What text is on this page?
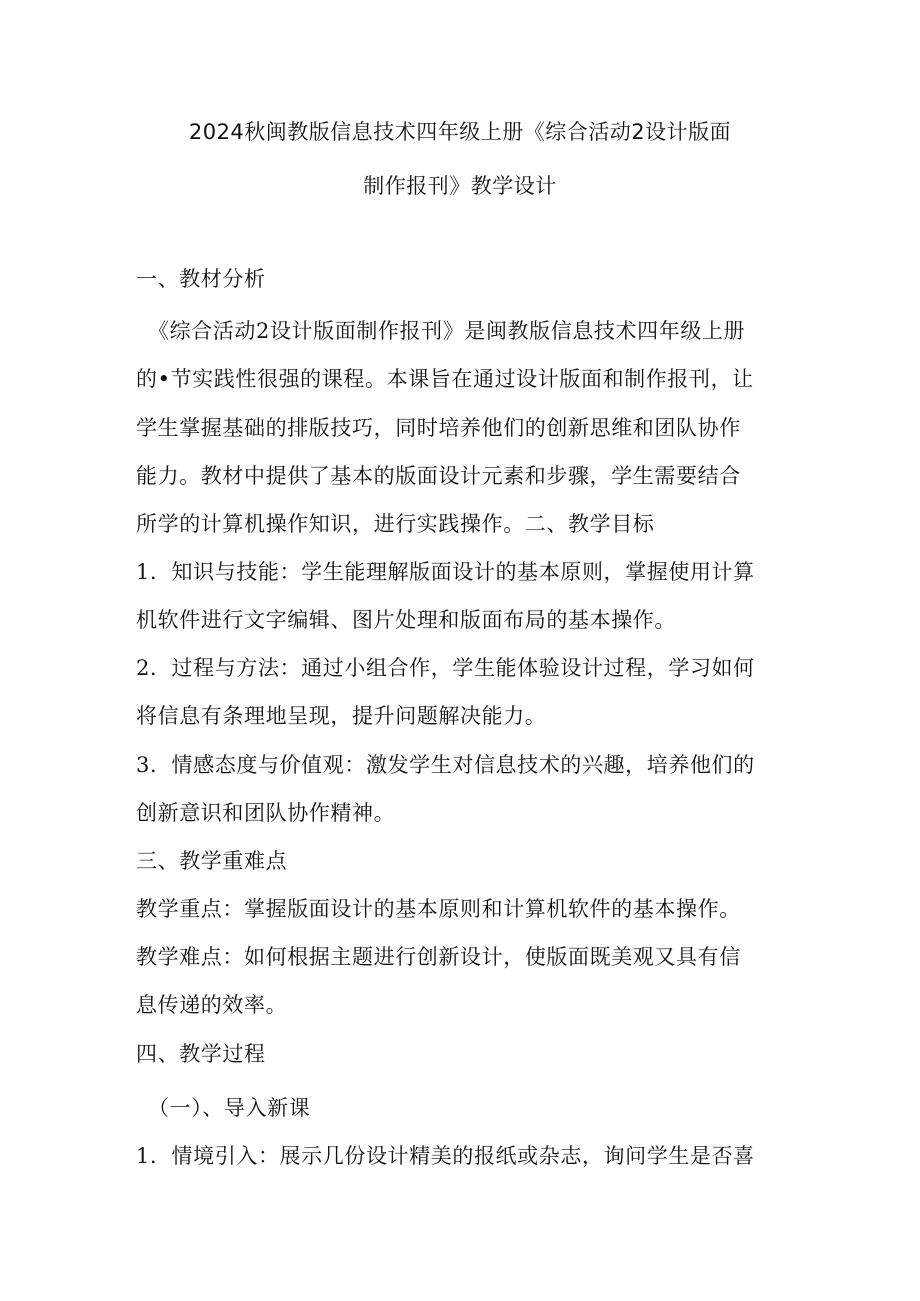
2024秋闽教版信息技术四年级上册《综合活动2设计版面
制作报刊》教学设计
一、教材分析
《综合活动2设计版面制作报刊》是闽教版信息技术四年级上册
的•节实践性很强的课程。本课旨在通过设计版面和制作报刊，让
学生掌握基础的排版技巧，同时培养他们的创新思维和团队协作
能力。教材中提供了基本的版面设计元素和步骤，学生需要结合
所学的计算机操作知识，进行实践操作。二、教学目标
1．知识与技能：学生能理解版面设计的基本原则，掌握使用计算
机软件进行文字编辑、图片处理和版面布局的基本操作。
2．过程与方法：通过小组合作，学生能体验设计过程，学习如何
将信息有条理地呈现，提升问题解决能力。
3．情感态度与价值观：激发学生对信息技术的兴趣，培养他们的
创新意识和团队协作精神。
三、教学重难点
教学重点：掌握版面设计的基本原则和计算机软件的基本操作。
教学难点：如何根据主题进行创新设计，使版面既美观又具有信
息传递的效率。
四、教学过程
（一）、导入新课
1．情境引入：展示几份设计精美的报纸或杂志，询问学生是否喜
